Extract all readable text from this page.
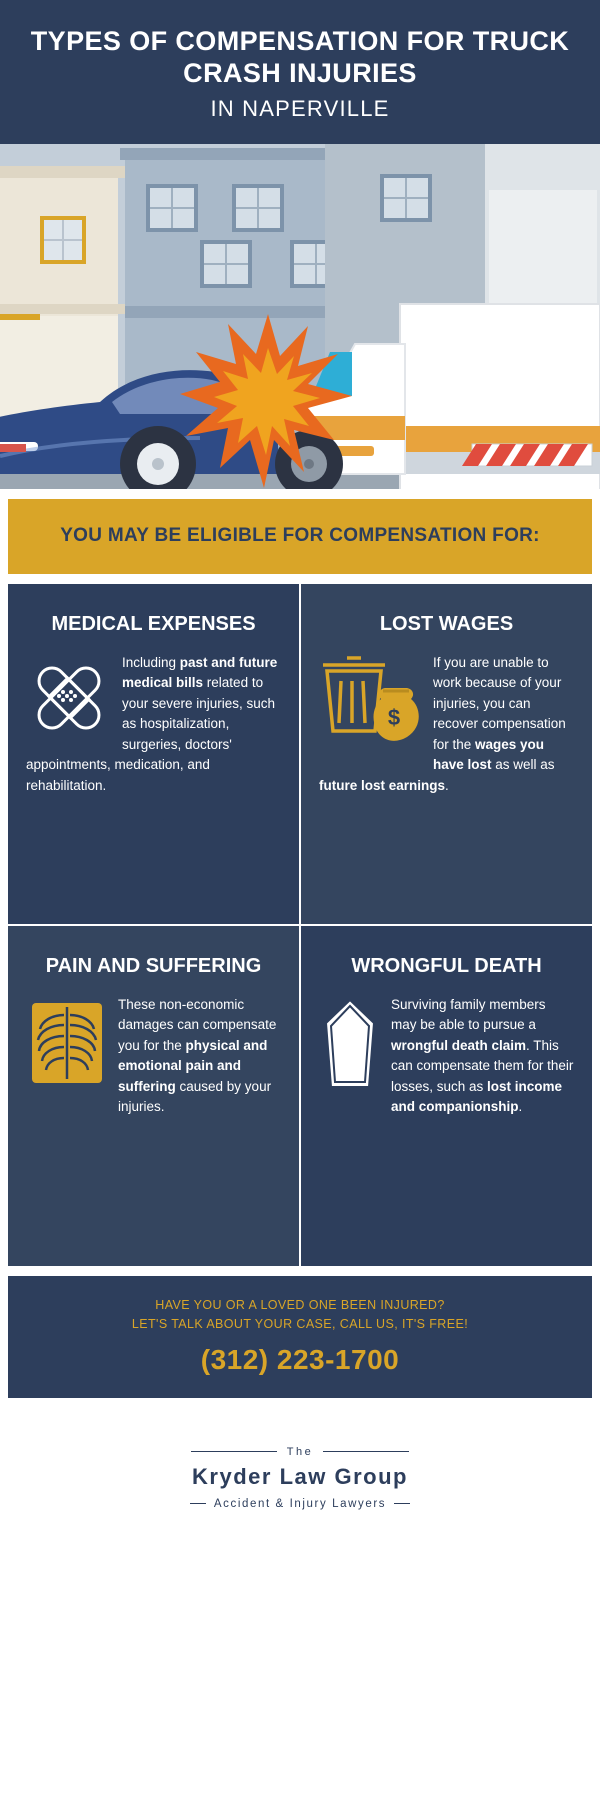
TYPES OF COMPENSATION FOR TRUCK CRASH INJURIES
IN NAPERVILLE

YOU MAY BE ELIGIBLE FOR COMPENSATION FOR:

MEDICAL EXPENSES
Including past and future medical bills related to your severe injuries, such as hospitalization, surgeries, doctors' appointments, medication, and rehabilitation.
LOST WAGES
$
If you are unable to work because of your injuries, you can recover compensation for the wages you have lost as well as future lost earnings.
PAIN AND SUFFERING
These non-economic damages can compensate you for the physical and emotional pain and suffering caused by your injuries.
WRONGFUL DEATH
Surviving family members may be able to pursue a wrongful death claim. This can compensate them for their losses, such as lost income and companionship.
HAVE YOU OR A LOVED ONE BEEN INJURED?
LET'S TALK ABOUT YOUR CASE, CALL US, IT'S FREE!
(312) 223-1700
The
Kryder Law Group
Accident & Injury Lawyers
